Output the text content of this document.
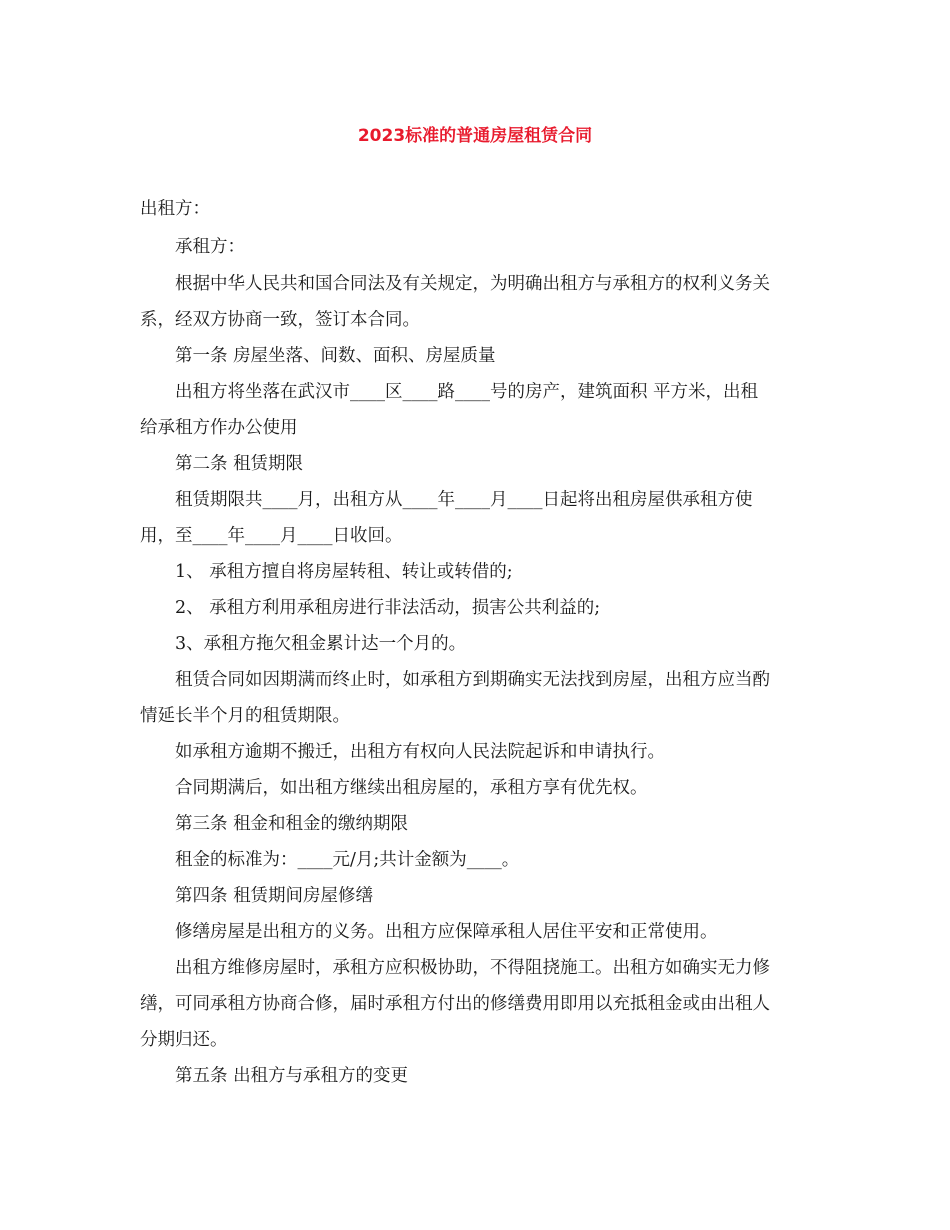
2023标准的普通房屋租赁合同
出租方：
承租方：
根据中华人民共和国合同法及有关规定，为明确出租方与承租方的权利义务关
系，经双方协商一致，签订本合同。
第一条 房屋坐落、间数、面积、房屋质量
出租方将坐落在武汉市____区____路____号的房产，建筑面积 平方米，出租
给承租方作办公使用
第二条 租赁期限
租赁期限共____月，出租方从____年____月____日起将出租房屋供承租方使
用，至____年____月____日收回。
1、 承租方擅自将房屋转租、转让或转借的;
2、 承租方利用承租房进行非法活动，损害公共利益的;
3、承租方拖欠租金累计达一个月的。
租赁合同如因期满而终止时，如承租方到期确实无法找到房屋，出租方应当酌
情延长半个月的租赁期限。
如承租方逾期不搬迁，出租方有权向人民法院起诉和申请执行。
合同期满后，如出租方继续出租房屋的，承租方享有优先权。
第三条 租金和租金的缴纳期限
租金的标准为：____元/月;共计金额为____。
第四条 租赁期间房屋修缮
修缮房屋是出租方的义务。出租方应保障承租人居住平安和正常使用。
出租方维修房屋时，承租方应积极协助，不得阻挠施工。出租方如确实无力修
缮，可同承租方协商合修，届时承租方付出的修缮费用即用以充抵租金或由出租人
分期归还。
第五条 出租方与承租方的变更
